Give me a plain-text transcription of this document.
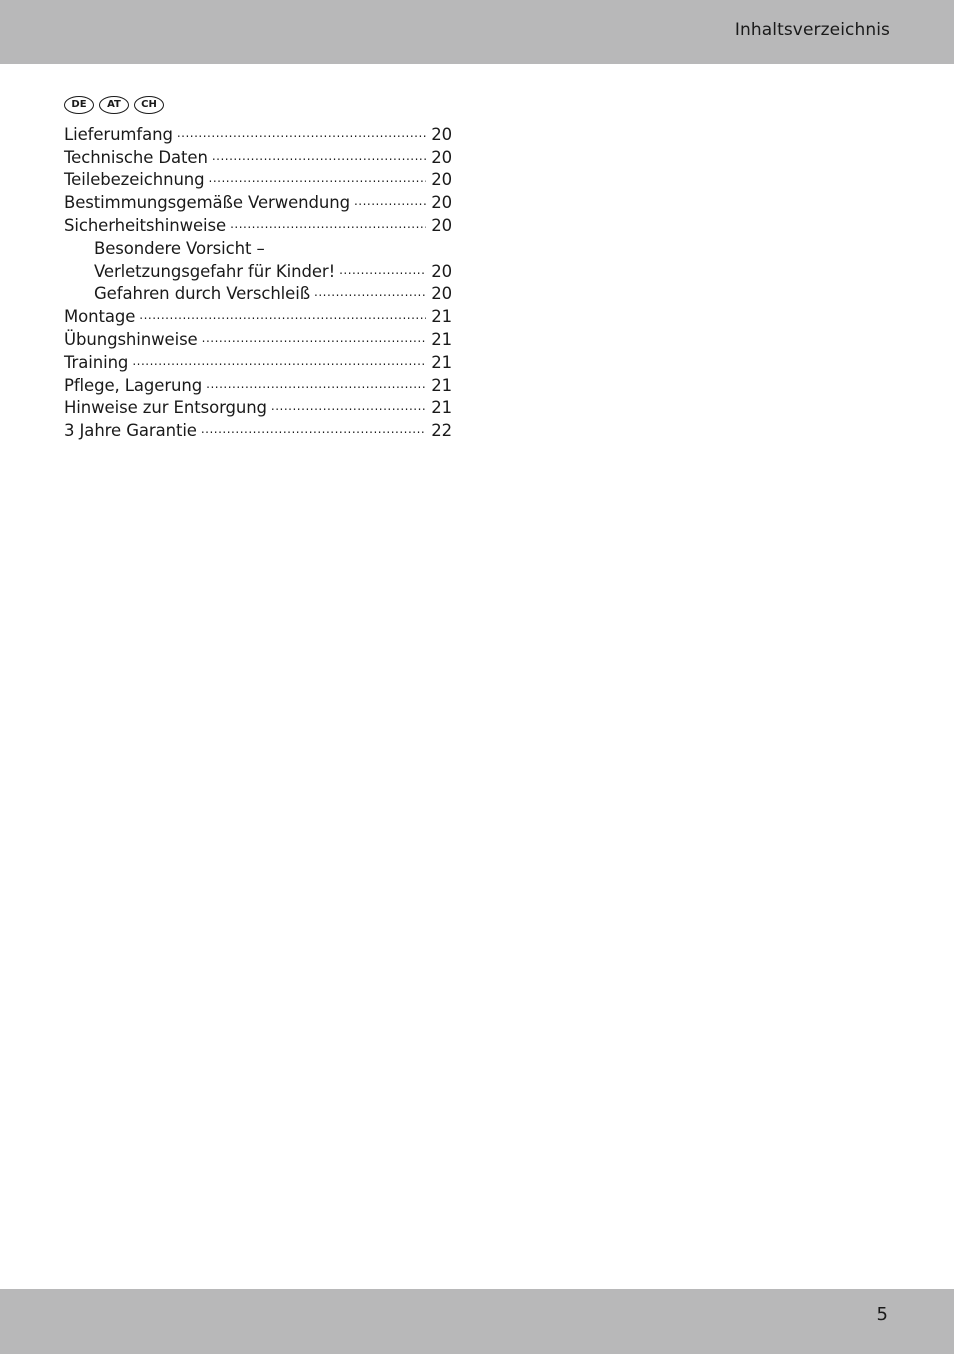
Inhaltsverzeichnis
DE	AT	CH
Lieferumfang .....	20
Technische Daten .....	20
Teilebezeichnung .....	20
Bestimmungsgemäße Verwendung .....	20
Sicherheitshinweise .....	20
Besondere Vorsicht –
Verletzungsgefahr für Kinder! .....	20
Gefahren durch Verschleiß .....	20
Montage .....	21
Übungshinweise .....	21
Training .....	21
Pflege, Lagerung .....	21
Hinweise zur Entsorgung .....	21
3 Jahre Garantie .....	22
5
